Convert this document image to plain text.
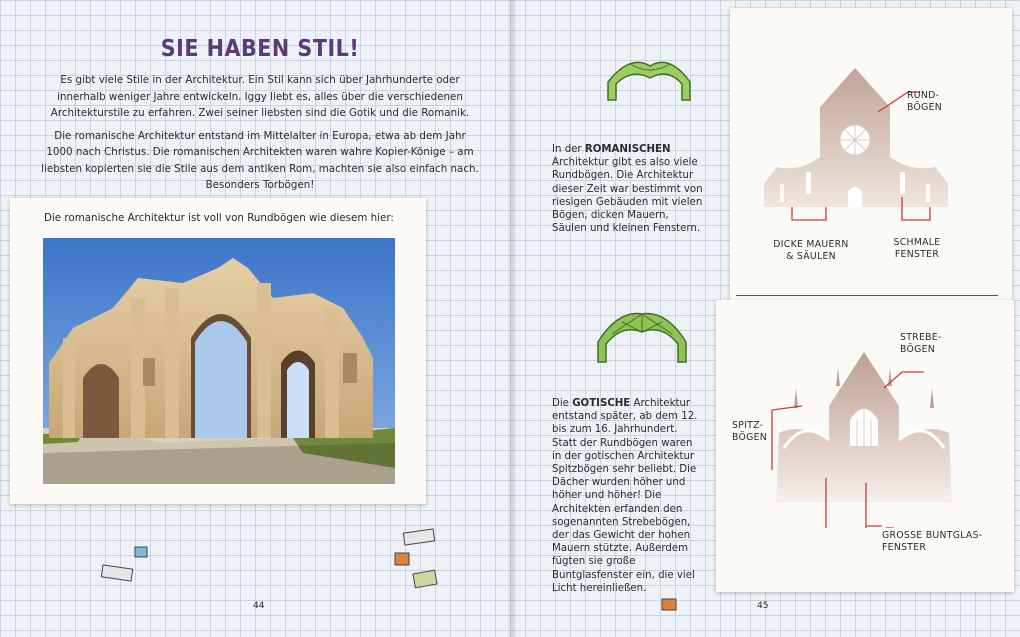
SIE HABEN STIL!

Es gibt viele Stile in der Architektur. Ein Stil kann sich über Jahrhunderte oder innerhalb weniger Jahre entwickeln. Iggy liebt es, alles über die verschiedenen Architekturstile zu erfahren. Zwei seiner liebsten sind die Gotik und die Romanik.

Die romanische Architektur entstand im Mittelalter in Europa, etwa ab dem Jahr 1000 nach Christus. Die romanischen Architekten waren wahre Kopier-Könige – am liebsten kopierten sie die Stile aus dem antiken Rom, machten sie also einfach nach. Besonders Torbögen!

Die romanische Architektur ist voll von Rundbögen wie diesem hier:
44
In der ROMANISCHEN Architektur gibt es also viele Rundbögen. Die Architektur dieser Zeit war bestimmt von riesigen Gebäuden mit vielen Bögen, dicken Mauern, Säulen und kleinen Fenstern.
Die GOTISCHE Architektur entstand später, ab dem 12. bis zum 16. Jahrhundert. Statt der Rundbögen waren in der gotischen Architektur Spitzbögen sehr beliebt. Die Dächer wurden höher und höher und höher! Die Architekten erfanden den sogenannten Strebebögen, der das Gewicht der hohen Mauern stützte. Außerdem fügten sie große Buntglasfenster ein, die viel Licht hereinließen.
RUND-
BÖGEN
DICKE MAUERN
& SÄULEN
SCHMALE
FENSTER
STREBE-
BÖGEN
SPITZ-
BÖGEN
GROSSE BUNTGLAS-
FENSTER
45
